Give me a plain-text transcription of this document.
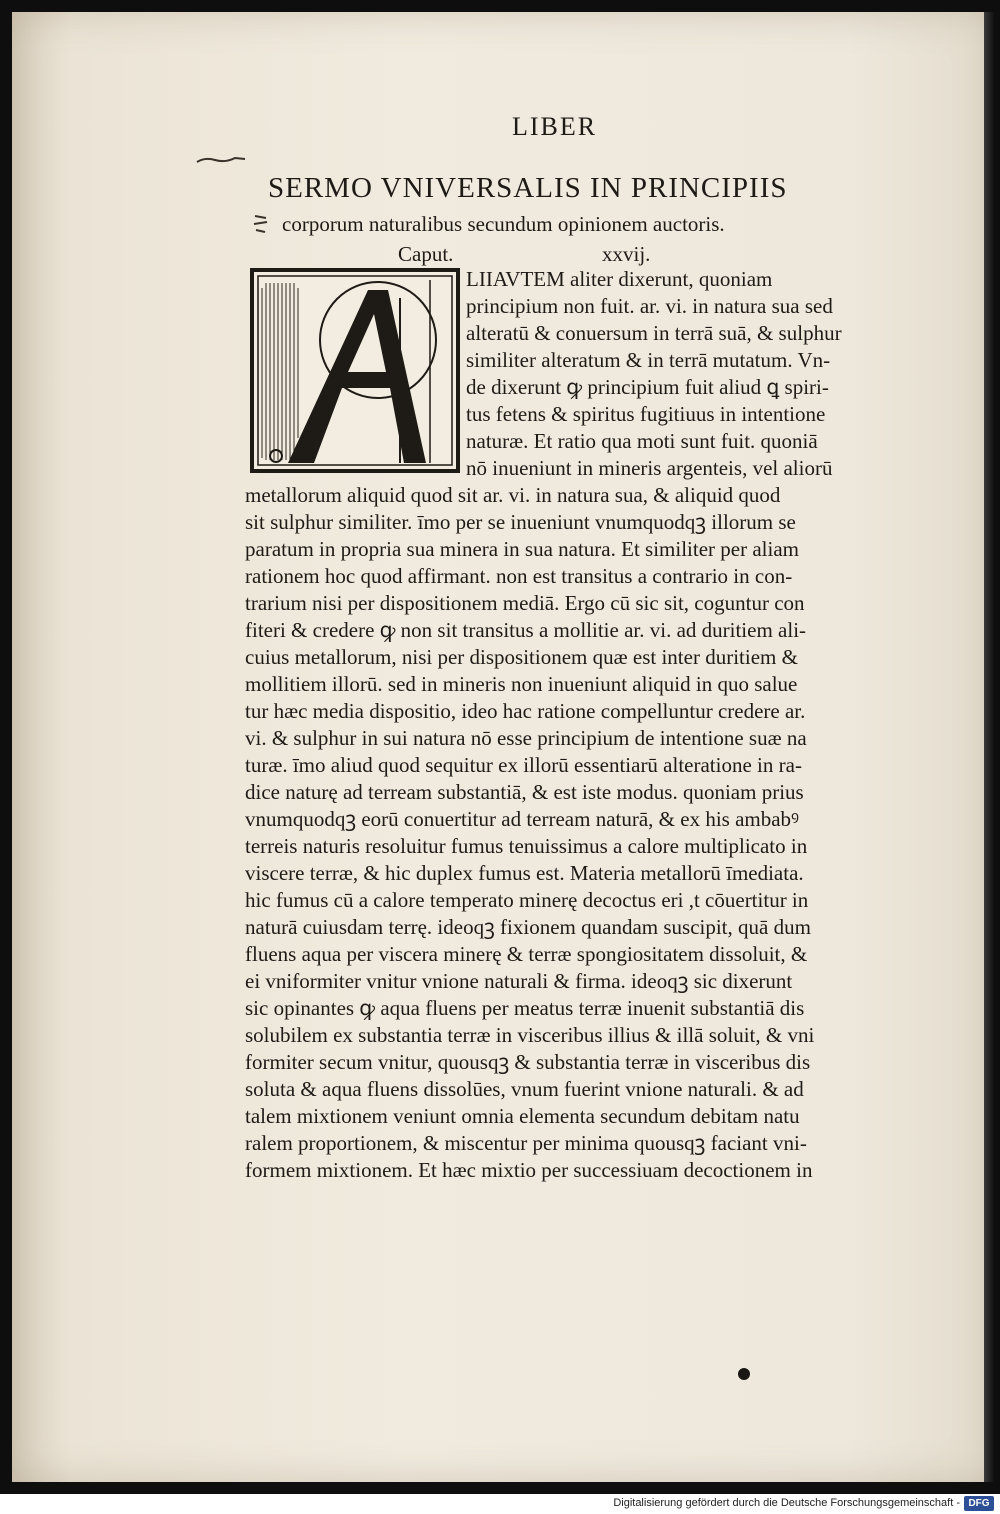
LIBER
SERMO VNIVERSALIS IN PRINCIPIIS
corporum naturalibus secundum opinionem auctoris.
Caput.	xxvij.
LIIAVTEM aliter dixerunt, quoniam
principium non fuit. ar. vi. in natura sua sed
alteratū & conuersum in terrā suā, & sulphur
similiter alteratum & in terrā mutatum. Vn-
de dixerunt ꝙ principium fuit aliud ꝗ spiri-
tus fetens & spiritus fugitiuus in intentione
naturæ. Et ratio qua moti sunt fuit. quoniā
nō inueniunt in mineris argenteis, vel aliorū
metallorum aliquid quod sit ar. vi. in natura sua, & aliquid quod
sit sulphur similiter. īmo per se inueniunt vnumquodqꝫ illorum se
paratum in propria sua minera in sua natura. Et similiter per aliam
rationem hoc quod affirmant. non est transitus a contrario in con-
trarium nisi per dispositionem mediā. Ergo cū sic sit, coguntur con
fiteri & credere ꝙ non sit transitus a mollitie ar. vi. ad duritiem ali-
cuius metallorum, nisi per dispositionem quæ est inter duritiem &
mollitiem illorū. sed in mineris non inueniunt aliquid in quo salue
tur hæc media dispositio, ideo hac ratione compelluntur credere ar.
vi. & sulphur in sui natura nō esse principium de intentione suæ na
turæ. īmo aliud quod sequitur ex illorū essentiarū alteratione in ra-
dice naturę ad terream substantiā, & est iste modus. quoniam prius
vnumquodqꝫ eorū conuertitur ad terream naturā, & ex his ambabꝰ
terreis naturis resoluitur fumus tenuissimus a calore multiplicato in
viscere terræ, & hic duplex fumus est. Materia metallorū īmediata.
hic fumus cū a calore temperato minerę decoctus eri ,t cōuertitur in
naturā cuiusdam terrę. ideoqꝫ fixionem quandam suscipit, quā dum
fluens aqua per viscera minerę & terræ spongiositatem dissoluit, &
ei vniformiter vnitur vnione naturali & firma. ideoqꝫ sic dixerunt
sic opinantes ꝙ aqua fluens per meatus terræ inuenit substantiā dis
solubilem ex substantia terræ in visceribus illius & illā soluit, & vni
formiter secum vnitur, quousqꝫ & substantia terræ in visceribus dis
soluta & aqua fluens dissolūes, vnum fuerint vnione naturali. & ad
talem mixtionem veniunt omnia elementa secundum debitam natu
ralem proportionem, & miscentur per minima quousqꝫ faciant vni-
formem mixtionem. Et hæc mixtio per successiuam decoctionem in
Digitalisierung gefördert durch die Deutsche Forschungsgemeinschaft - DFG
